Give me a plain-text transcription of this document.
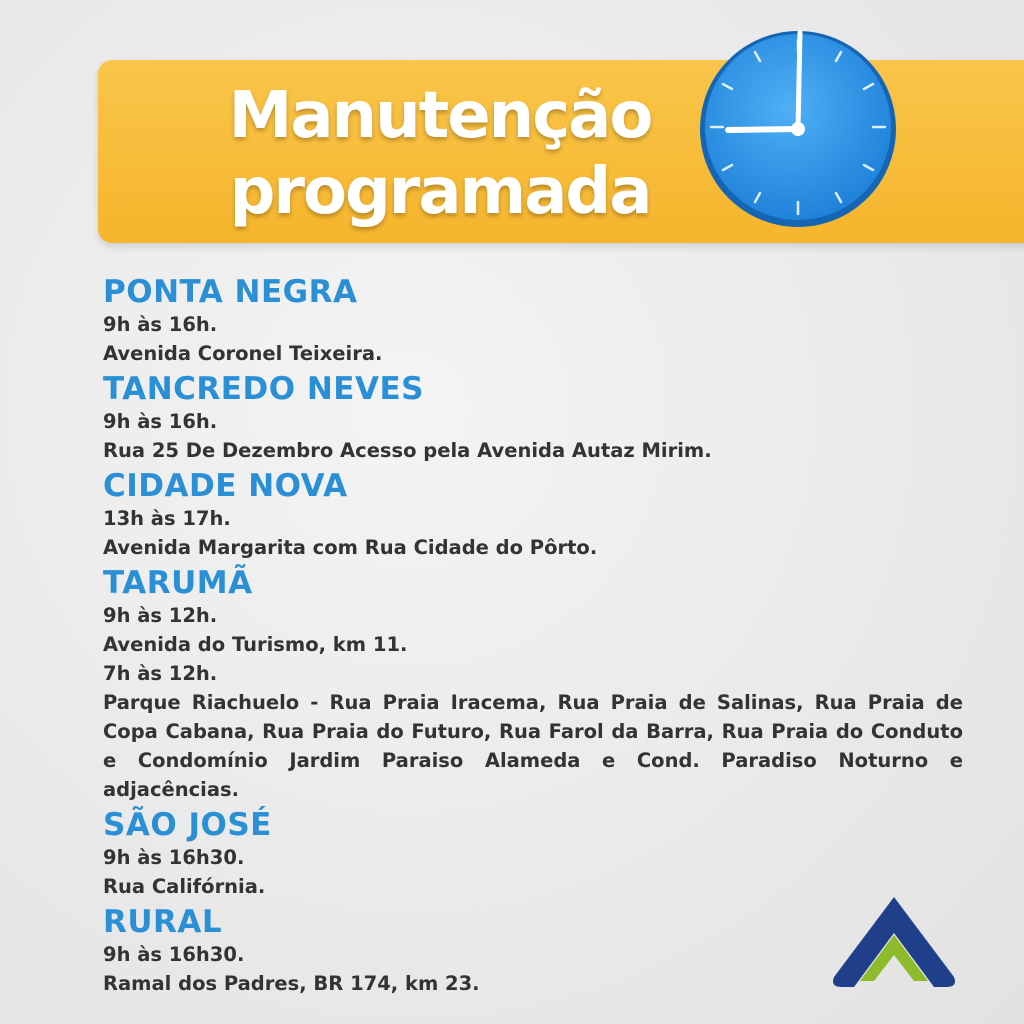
Manutenção
programada

PONTA NEGRA

9h às 16h.

Avenida Coronel Teixeira.

TANCREDO NEVES

9h às 16h.

Rua 25 De Dezembro Acesso pela Avenida Autaz Mirim.

CIDADE NOVA

13h às 17h.

Avenida Margarita com Rua Cidade do Pôrto.

TARUMÃ

9h às 12h.

Avenida do Turismo, km 11.

7h às 12h.

Parque Riachuelo - Rua Praia Iracema, Rua Praia de Salinas, Rua Praia de Copa Cabana, Rua Praia do Futuro, Rua Farol da Barra, Rua Praia do Conduto e Condomínio Jardim Paraiso Alameda e Cond. Paradiso Noturno e adjacências.

SÃO JOSÉ

9h às 16h30.

Rua Califórnia.

RURAL

9h às 16h30.

Ramal dos Padres, BR 174, km 23.
